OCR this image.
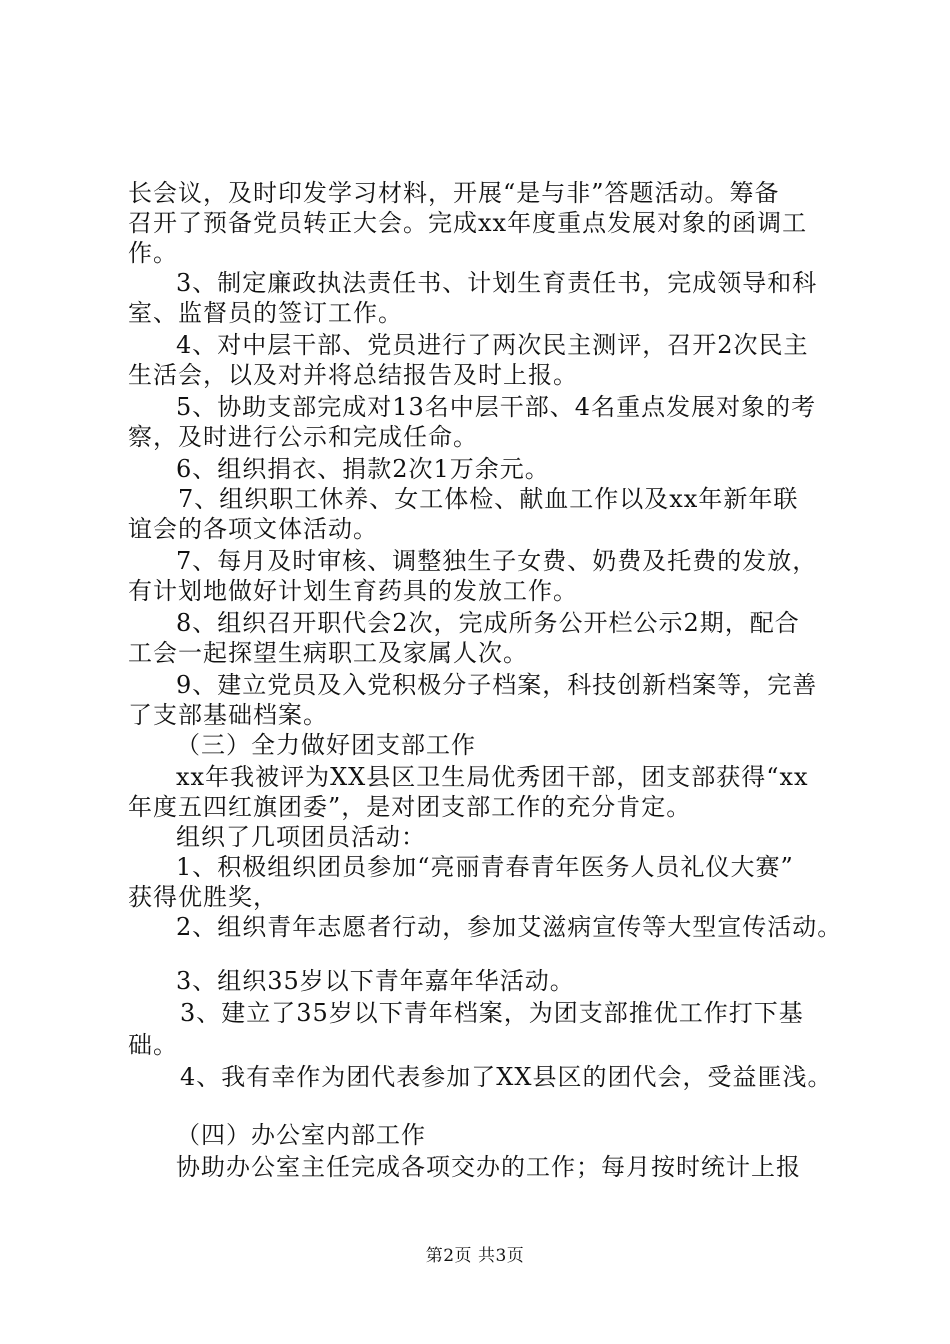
长会议，及时印发学习材料，开展“是与非”答题活动。筹备
召开了预备党员转正大会。完成xx年度重点发展对象的函调工
作。
3、制定廉政执法责任书、计划生育责任书，完成领导和科
室、监督员的签订工作。
4、对中层干部、党员进行了两次民主测评，召开2次民主
生活会，以及对并将总结报告及时上报。
5、协助支部完成对13名中层干部、4名重点发展对象的考
察，及时进行公示和完成任命。
6、组织捐衣、捐款2次1万余元。
7、组织职工休养、女工体检、献血工作以及xx年新年联
谊会的各项文体活动。
7、每月及时审核、调整独生子女费、奶费及托费的发放，
有计划地做好计划生育药具的发放工作。
8、组织召开职代会2次，完成所务公开栏公示2期，配合
工会一起探望生病职工及家属人次。
9、建立党员及入党积极分子档案，科技创新档案等，完善
了支部基础档案。
（三）全力做好团支部工作
xx年我被评为XX县区卫生局优秀团干部，团支部获得“xx
年度五四红旗团委”，是对团支部工作的充分肯定。
组织了几项团员活动：
1、积极组织团员参加“亮丽青春青年医务人员礼仪大赛”
获得优胜奖，
2、组织青年志愿者行动，参加艾滋病宣传等大型宣传活动。
3、组织35岁以下青年嘉年华活动。
3、建立了35岁以下青年档案，为团支部推优工作打下基
础。
4、我有幸作为团代表参加了XX县区的团代会，受益匪浅。
（四）办公室内部工作
协助办公室主任完成各项交办的工作；每月按时统计上报
第2页 共3页
